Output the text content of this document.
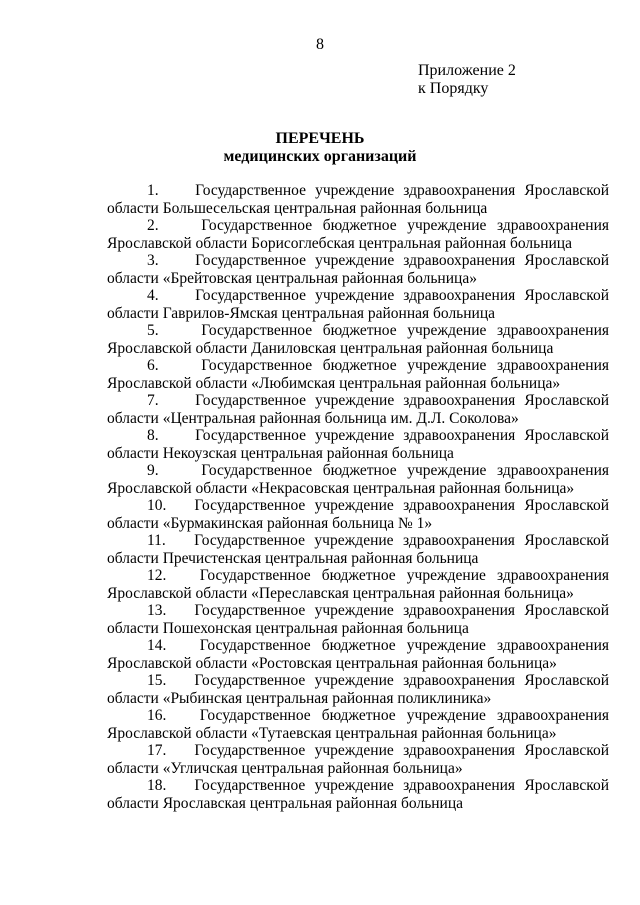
8
Приложение 2
к Порядку
ПЕРЕЧЕНЬ
медицинских организаций

1.    Государственное учреждение здравоохранения Ярославской области Большесельская центральная районная больница

2.    Государственное бюджетное учреждение здравоохранения Ярославской области Борисоглебская центральная районная больница

3.    Государственное учреждение здравоохранения Ярославской области «Брейтовская центральная районная больница»

4.    Государственное учреждение здравоохранения Ярославской области Гаврилов-Ямская центральная районная больница

5.    Государственное бюджетное учреждение здравоохранения Ярославской области Даниловская центральная районная больница

6.    Государственное бюджетное учреждение здравоохранения Ярославской области «Любимская центральная районная больница»

7.    Государственное учреждение здравоохранения Ярославской области «Центральная районная больница им. Д.Л. Соколова»

8.    Государственное учреждение здравоохранения Ярославской области Некоузская центральная районная больница

9.    Государственное бюджетное учреждение здравоохранения Ярославской области «Некрасовская центральная районная больница»

10.   Государственное учреждение здравоохранения Ярославской области «Бурмакинская районная больница № 1»

11.   Государственное учреждение здравоохранения Ярославской области Пречистенская центральная районная больница

12.   Государственное бюджетное учреждение здравоохранения Ярославской области «Переславская центральная районная больница»

13.   Государственное учреждение здравоохранения Ярославской области Пошехонская центральная районная больница

14.   Государственное бюджетное учреждение здравоохранения Ярославской области «Ростовская центральная районная больница»

15.   Государственное учреждение здравоохранения Ярославской области «Рыбинская центральная районная поликлиника»

16.   Государственное бюджетное учреждение здравоохранения Ярославской области «Тутаевская центральная районная больница»

17.   Государственное учреждение здравоохранения Ярославской области «Угличская центральная районная больница»

18.   Государственное учреждение здравоохранения Ярославской области Ярославская центральная районная больница
